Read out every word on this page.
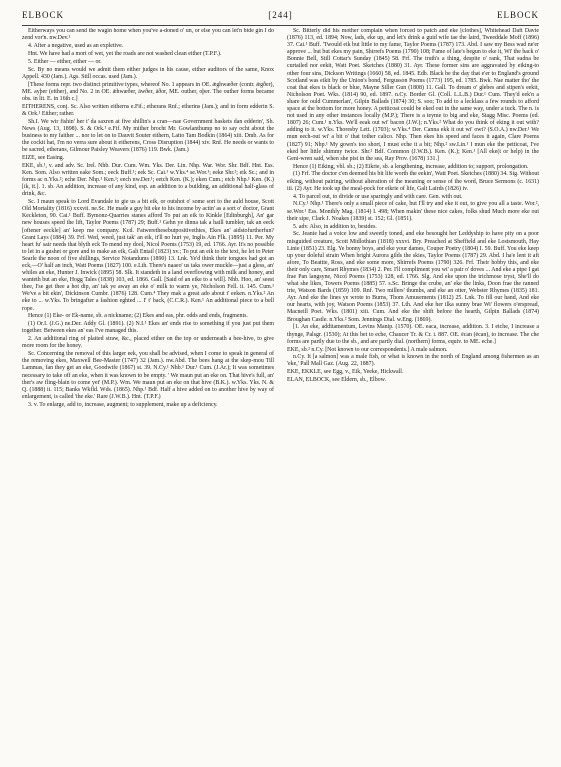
ELBOCK	[244]	ELBOCK

Eitherways you can send the wagin home when you've a-doned o' un, or else you can let'n bide gin I do zend vor'n. nw.Dev.¹

4. After a negative, used as an expletive.

Hnt. We have had a mort of wet, yet the roads are not washed clean either (T.P.F.).

5. Either — either, either — or.

Sc. By no means would we admit them either judges in his cause, either auditors of the same, Knox Appell. 430 (Jam.). Ags. Still occas. used (Jam.).

[These forms repr. two distinct primitive types, whereof No. 1 appears in OE. ǣghwæðer (contr. ǣgðer), ME. ayþer (either), and No. 2 in OE. ǣhwæðer, āwðer, āðor, ME. outher, oþer. The outher forms became obs. in lit. E. in 16th c.]

EITHERENS, conj. Sc. Also written eitherns e.Fif.; etherans Rnf.; etherins (Jam.); and in form edderin S. & Ork.¹ Either; rather.

Sh.I. We wir fishin' her t' da saxren at five shillin's a cran—nae Government baskets dan edderin', Sh. News (Aug. 13, 1898). S. & Ork.¹ e.Fif. My mither brocht Mr. Gowlanthump no to say ocht about the business to my faither ... nor to let on to Dauvit Souter eithern, Latto Tam Bodkin (1864) xiii. Dmb. As for the cockit hat, I'm no verra sure about it eitherens, Cross Disruption (1844) xiv. Rnf. He needs or wants to be sacred, etherans, Gilmour Paisley Weavers (1876) 119. Bwk. (Jam.)

EIZE, see Easing.

EKE, sb.¹, v. and adv. Sc. Irel. Nhb. Dur. Cum. Wm. Yks. Der. Lin. Nhp. War. Wor. Shr. Bdf. Hnt. Ess. Ken. Som. Also written eake Som.; eeck Buff.¹; eek Sc. Cai.¹ w.Yks.⁴ se.Wor.¹; eeke Shr.²; eik Sc.; and in forms ac n.Yks.²; eche Der. Nhp.¹ Ken.¹; eech nw.Der.¹; eetch Ken. (K.); eken Cum.; etch Nhp.¹ Ken. (K.) [ik, īt.]. 1. sb. An addition, increase of any kind, esp. an addition to a building, an additional half-glass of drink, &c.

Sc. I maun speak to Lord Evandale to gie us a bit eik, or outshot o' some sort to the auld house, Scott Old Mortality (1816) xxxvii. ne.Sc. He made a guy bit eke to his income by actin' as a sort o' doctor, Grant Keckleton, 90. Cai.¹ Buff. Bymonz-Quarries stanes afford To put an eik to Kinkle [Edinburgh], An' gar new houses speed the lift, Taylor Poems (1787) 29; Buff.¹ Gehn ye dinna tak a haill tumbler, tak an eeck [oftener eeckle] an' keep me company. Kcd. Fatwerethesebutpositivethies, Ekes an' aidstofurtherfun? Grant Lays (1884) 39. Frf. Wed, weed, just tak' an eik, it'll no hurt ye, Inglis Ain Flk. (1895) 11. Per. My heart fu' sair needs that blyth eck To mend my dool, Nicol Poems (1753) 19, ed. 1766. Ayr. It's no possible to let in a gushet or gore and to make an eik, Galt Entail (1823) xv.; To put an eik to the text, he let to Peter Searle the noon of five shillings, Service Notandums (1890) 13. Lnk. Ye'd think their tongues had got an eck,—O' half an inch, Watt Poems (1827) 100. e.Lth. There's naaeo' us taks ower muckle—just a gless, an' whiles an eke, Hunter J. Inwick (1895) 58. Slk. It standeth in a land overflowing with milk and honey, and wanteth but an eke, Hogg Tales (1838) 103, ed. 1866. Gall. [Said of an eike to a will]. Nhb. Hoo, an' seest thee, I'se get thee a hot dip, an' tak ye away an eke o' milk to warm ye, Nicholson Fell. ii. 145. Cum.¹ We've a bit ekin', Dickinson Cumbr. (1876) 128. Cum.⁴ They mak a great ado about t' eeken. n.Yks.² An eke to ... w.Yks. To bringafter a fashion eghted ... I' t' back, (C.C.R.). Ken.¹ An additional piece to a bell rope.

Hence (1) Eke- or Ek-name, sb. a nickname; (2) Ekes and eas, phr. odds and ends, fragments.

(1) Or.I. (J.G.) ne.Der. Addy Gl. (1891). (2) N.I.¹ Ekes an' ends rise to something if you just put them together. Between ekes an' eas I've managed this.

2. An additional ring of plaited straw, &c., placed either on the top or underneath a bee-hive, to give more room for the honey.

Sc. Concerning the removal of this larger eek, you shall be advised, when I come to speak in general of the removing ekes, Maxwell Bee-Master (1747) 32 (Jam.). nw.Abd. The bees hang at the skep-mou Till Lammas, fan they get an eke, Goodwife (1867) st. 39. N.Cy.¹ Nhb.¹ Dur.¹ Cum. (J.Ar.); It was sometimes necessary to take off an eke, when it was known to be empty. ' We maun put an eke on. That hive's full, an' ther's aw fling-blain to come yet' (M.P.). Wm. We maun put an eke on that hive (B.K.). w.Yks. Yks. N. & Q. (1888) ii. 115; Banks Wkfld. Wds. (1865). Nhp.¹ Bdf. Half a hive added on to another hive by way of enlargement, is called 'the eke.' Rare (J.W.B.). Hnt. (T.P.F.)

3. v. To enlarge, add to, increase, augment; to supplement, make up a deficiency.

Sc. Bitterly did his mother complain when forced to patch and eke [clothes], Whitehead Daft Davie (1876) 113, ed. 1894; Now, lads, eke up, and let's drink a guid wife tae the laird, Tweeddale Moff (1896) 37. Cai.¹ Buff. 'Twould eik but little to my fame, Taylor Poems (1787) 173. Abd. I saw my Bess wad ne'er approve ... but but ekes my pain, Shirrefs Poems (1790) 108; Fame of late's begun to eke it, Wi' the back o' Bonnie Bell, Still Cottar's Sunday (1845) 58. Frf. The truth's a thing, despite o' rank, That sudna be curtailed nor eekit, Watt Poet. Sketches (1880) 31. Ayr. These former sins are aggravated by eiking-to other four sins, Dickson Writings (1660) 58, ed. 1845. Edb. Black be the day that e'er to England's ground Scotland was eikit by the Union's bond, Fergusson Poems (1773) 195, ed. 1785. Bwk. Nae matter tho' the coat that ekes is black or blue, Mayne Siller Gun (1808) 11. Gall. To dream o' glebes and stipen's eekit, Nicholson Poet. Wks. (1814) 90, ed. 1897. n.Cy. Border Gl. (Coll. L.L.B.) Dur.¹ Cum. They'd eek'n a share for ould Cummerlan', Gilpin Ballads (1874) 30; S. soo; To add to a lecklass a few rounds to afford space at the bottom for more honey. A petticoat could be eked out in the same way, under a tuck. The n. is not used in any other instances locally (M.P.); There is a teyme to big and eke, Stagg Misc. Poems (ed. 1807) 26; Cum.¹ n.Yks. We'll eeak out wi' bacon (J.W.); n.Yks.² What do you think of eking it out with? adding to it. w.Yks. Thoresby Lett. (1703); w.Yks.⁴ Der. Canna ekk it out wi' owt? (S.O.A.) nw.Der.¹ We mun eech-out wi' a bit o' that tother calico. Nhp. Then ekes his speed and faces it again, Clare Poems (1827) 91; Nhp.¹ My gown's too short, I must eche it a bit; Nhp.² sw.Lin.¹ I mun eke the petticoat, I've eked her little shimmy twice. Shr.² Bdf. Common (J.W.B.). Ken. (K.); Ken.¹ [All eke(t or help) in the Geni-wren said, when she pist in the sea, Ray Prov. (1678) 131.]

Hence (1) Eiking, vbl. sb.; (2) Eikrie, sb. a lengthening, increase, addition to; support, prolongation.

(1) Frf. The doctor c'en deemed his bit life worth the eekin', Watt Poet. Sketches (1880) 34. Sig. Without eiking, without pairing, without alteration of the meaning or sense of the word, Bruce Sermons (c. 1631) iii. (2) Ayr. He took up the meal-pock for eikrie of life, Galt Lairds (1826) iv.

4. To parcel out, to divide or use sparingly and with care. Gen. with out.

N.Cy.¹ Nhp.¹ There's only a small piece of cake, but I'll try and eke it out, to give you all a taste. Wor.², se.Wor.¹ Ess. Monthly Mag. (1814) I. 498; When makin' these nice cakes, folks shud Much more eke out their sipe, Clark J. Noakes (1839) st. 152; Gl. (1851).

5. adv. Also, in addition to, besides.

Sc. Jeanie had a voice low and sweetly toned, and eke besought her Leddyship to have pity on a poor misguided creature, Scott Midlothian (1818) xxxvi. Bry. Preached at Sheffield and eke Lostsmouth, Hay Linie (1851) 23. Elg. Ye bonny boys, and eke your dames, Couper Poetry (1804) I. 59. Buff. You eke keep up your doleful strain When bright Aurora gilds the skies, Taylor Poems (1787) 29. Abd. I ha'e lent it aft afore, To Beattie, Ross, and eke some more, Shirrefs Poems (1790) 326. Frf. Their hobby this, and eke their only care, Smart Rhymes (1834) 2. Per. I'll compliment you wi' a pair o' doves ... And eke a pipe I gat frae Pan langsyne, Nicol Poems (1753) 128, ed. 1766. Slg. And eke upon the trichmose tryst, She'll do what she likes, Towers Poems (1885) 57. s.Sc. Bringe the crube, an' eke the links, Doon frae the ranned trie, Watson Bards (1859) 109. Rnf. Two millers' thumbs, and eke an otter, Webster Rhymes (1835) 181. Ayr. And eke the lines ye wrote to Burns, Thom Amusements (1812) 25. Lnk. To fill our hand, And eke our hearts, with joy, Watson Poems (1853) 37. Lth. And eke her ilka sunny brae Wi' flowers o'erspread, Macneill Poet. Wks. (1801) xiii. Cum. And eke the shift before the hearth, Gilpin Ballads (1874) Broughan Castle. n.Yks.² Som. Jennings Dial. w.Eng. (1869).

[1. An eke, additamentum, Levins Manip. (1570). OE. eaca, increase, addition. 3. I etche, I increase a thynge, Palsgr. (1530); At this bet to eche, Chaucer Tr. & Cr. i. 887. OE. ēcan (ēcan), to increase. The che forms are partly due to the sb., and are partly dial. (northern) forms, equiv. to ME. eche.]

EKE, sb.² n.Cy. [Not known to our correspondents.] A male salmon.

n.Cy. It [a salmon] was a male fish, or what is known in the north of England among fishermen as an 'eke,' Pall Mall Gaz. (Aug. 22, 1887).

EKE, EKKLE, see Egg, v., Eik, Yeeke, Hickwall.

ELAN, ELBOCK, see Eldern, sb., Elbow.
